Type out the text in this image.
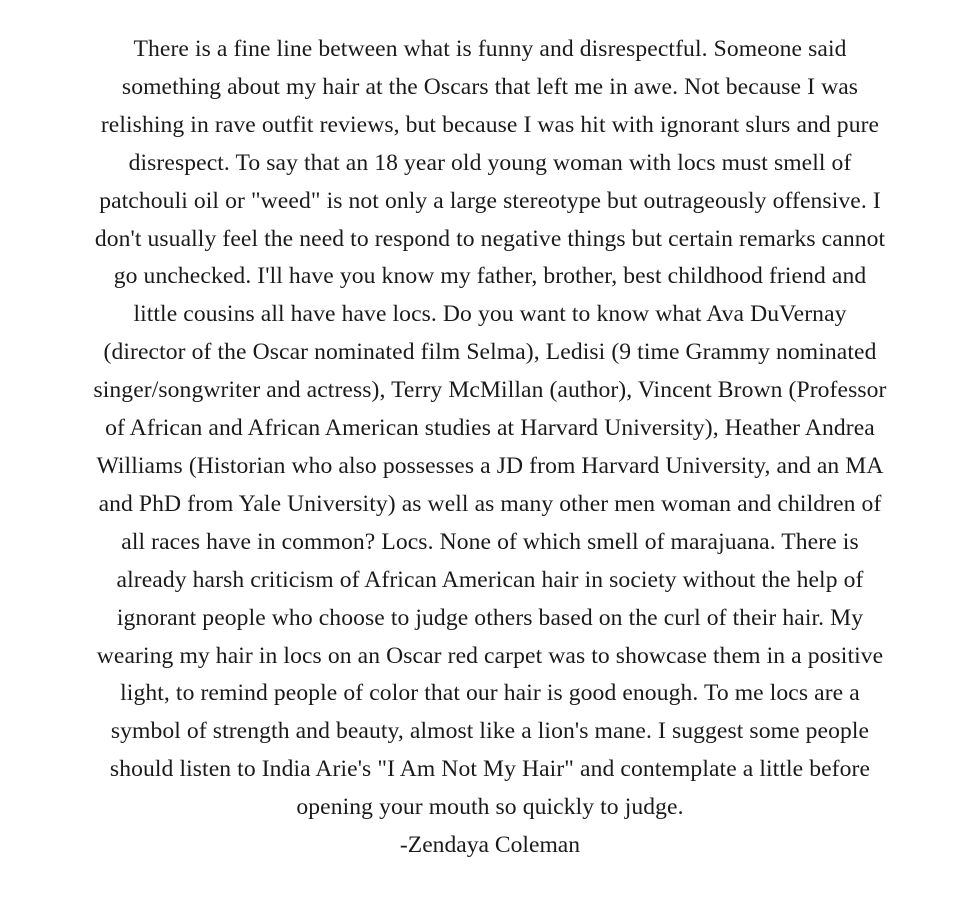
There is a fine line between what is funny and disrespectful. Someone said
something about my hair at the Oscars that left me in awe. Not because I was
relishing in rave outfit reviews, but because I was hit with ignorant slurs and pure
disrespect. To say that an 18 year old young woman with locs must smell of
patchouli oil or "weed" is not only a large stereotype but outrageously offensive. I
don't usually feel the need to respond to negative things but certain remarks cannot
go unchecked. I'll have you know my father, brother, best childhood friend and
little cousins all have have locs. Do you want to know what Ava DuVernay
(director of the Oscar nominated film Selma), Ledisi (9 time Grammy nominated
singer/songwriter and actress), Terry McMillan (author), Vincent Brown (Professor
of African and African American studies at Harvard University), Heather Andrea
Williams (Historian who also possesses a JD from Harvard University, and an MA
and PhD from Yale University) as well as many other men woman and children of
all races have in common? Locs. None of which smell of marajuana. There is
already harsh criticism of African American hair in society without the help of
ignorant people who choose to judge others based on the curl of their hair. My
wearing my hair in locs on an Oscar red carpet was to showcase them in a positive
light, to remind people of color that our hair is good enough. To me locs are a
symbol of strength and beauty, almost like a lion's mane. I suggest some people
should listen to India Arie's "I Am Not My Hair" and contemplate a little before
opening your mouth so quickly to judge.
-Zendaya Coleman
